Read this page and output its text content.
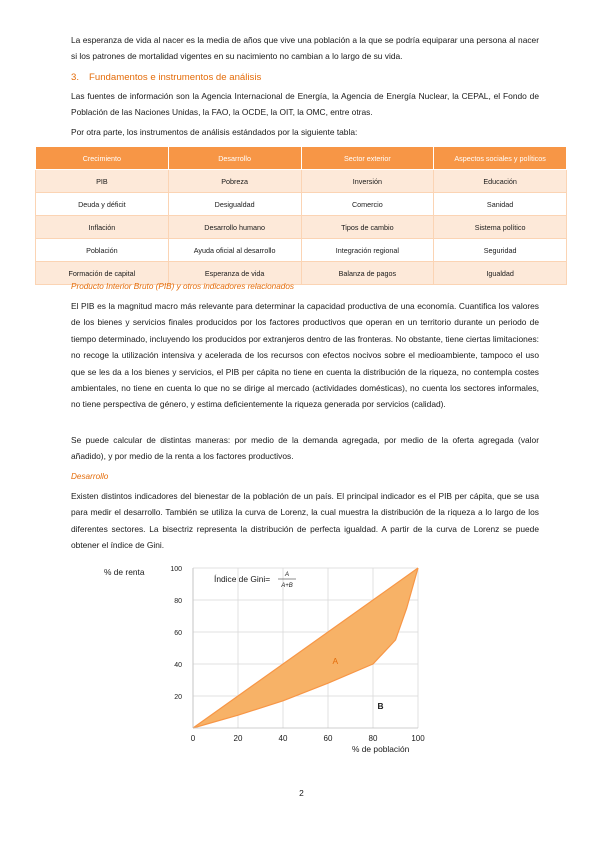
La esperanza de vida al nacer es la media de años que vive una población a la que se podría equiparar una persona al nacer si los patrones de mortalidad vigentes en su nacimiento no cambian a lo largo de su vida.

3. Fundamentos e instrumentos de análisis

Las fuentes de información son la Agencia Internacional de Energía, la Agencia de Energía Nuclear, la CEPAL, el Fondo de Población de las Naciones Unidas, la FAO, la OCDE, la OIT, la OMC, entre otras.

Por otra parte, los instrumentos de análisis estándados por la siguiente tabla:

Crecimiento	Desarrollo	Sector exterior	Aspectos sociales y políticos
PIB	Pobreza	Inversión	Educación
Deuda y déficit	Desigualdad	Comercio	Sanidad
Inflación	Desarrollo humano	Tipos de cambio	Sistema político
Población	Ayuda oficial al desarrollo	Integración regional	Seguridad
Formación de capital	Esperanza de vida	Balanza de pagos	Igualdad

Producto Interior Bruto (PIB) y otros indicadores relacionados

El PIB es la magnitud macro más relevante para determinar la capacidad productiva de una economía. Cuantifica los valores de los bienes y servicios finales producidos por los factores productivos que operan en un territorio durante un periodo de tiempo determinado, incluyendo los producidos por extranjeros dentro de las fronteras. No obstante, tiene ciertas limitaciones: no recoge la utilización intensiva y acelerada de los recursos con efectos nocivos sobre el medioambiente, tampoco el uso que se les da a los bienes y servicios, el PIB per cápita no tiene en cuenta la distribución de la riqueza, no contempla costes ambientales, no tiene en cuenta lo que no se dirige al mercado (actividades domésticas), no cuenta los sectores informales, no tiene perspectiva de género, y estima deficientemente la riqueza generada por servicios (calidad).

Se puede calcular de distintas maneras: por medio de la demanda agregada, por medio de la oferta agregada (valor añadido), y por medio de la renta a los factores productivos.

Desarrollo

Existen distintos indicadores del bienestar de la población de un país. El principal indicador es el PIB per cápita, que se usa para medir el desarrollo. También se utiliza la curva de Lorenz, la cual muestra la distribución de la riqueza a lo largo de los diferentes sectores. La bisectriz representa la distribución de perfecta igualdad. A partir de la curva de Lorenz se puede obtener el índice de Gini.

0	20	40	60	80	100
20
40
60
80
100
% de renta
% de población
Índice de Gini= A
A+B
A
B
2
